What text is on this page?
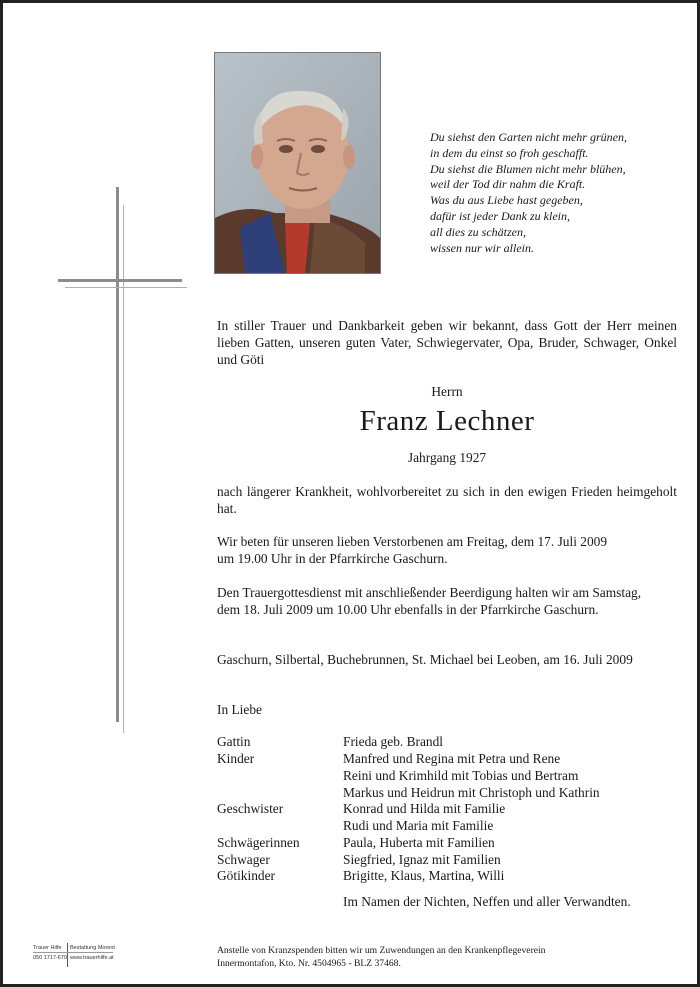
Du siehst den Garten nicht mehr grünen,
in dem du einst so froh geschafft.
Du siehst die Blumen nicht mehr blühen,
weil der Tod dir nahm die Kraft.
Was du aus Liebe hast gegeben,
dafür ist jeder Dank zu klein,
all dies zu schätzen,
wissen nur wir allein.
In stiller Trauer und Dankbarkeit geben wir bekannt, dass Gott der Herr meinen lieben Gatten, unseren guten Vater, Schwiegervater, Opa, Bruder, Schwager, Onkel und Göti
Herrn
Franz Lechner
Jahrgang 1927
nach längerer Krankheit, wohlvorbereitet zu sich in den ewigen Frieden heimgeholt hat.
Wir beten für unseren lieben Verstorbenen am Freitag, dem 17. Juli 2009
um 19.00 Uhr in der Pfarrkirche Gaschurn.
Den Trauergottesdienst mit anschließender Beerdigung halten wir am Samstag,
dem 18. Juli 2009 um 10.00 Uhr ebenfalls in der Pfarrkirche Gaschurn.
Gaschurn, Silbertal, Buchebrunnen, St. Michael bei Leoben, am 16. Juli 2009
In Liebe
Gattin	Frieda geb. Brandl
Kinder	Manfred und Regina mit Petra und Rene
Reini und Krimhild mit Tobias und Bertram
Markus und Heidrun mit Christoph und Kathrin
Geschwister	Konrad und Hilda mit Familie
Rudi und Maria mit Familie
Schwägerinnen	Paula, Huberta mit Familien
Schwager	Siegfried, Ignaz mit Familien
Götikinder	Brigitte, Klaus, Martina, Willi
Im Namen der Nichten, Neffen und aller Verwandten.
Trauer Hilfe Bestattung Morent
050 1717-670 www.trauerhilfe.at
Anstelle von Kranzspenden bitten wir um Zuwendungen an den Krankenpflegeverein
Innermontafon, Kto. Nr. 4504965 - BLZ 37468.
